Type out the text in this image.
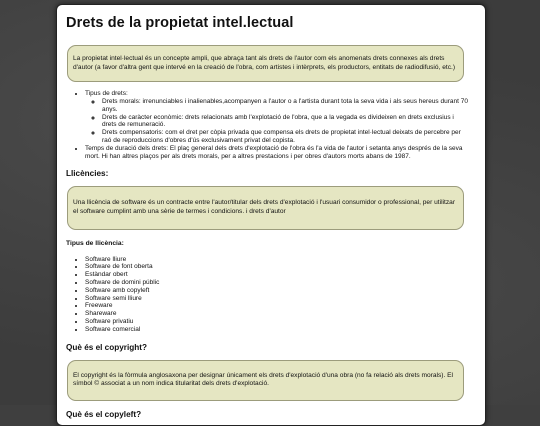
Drets de la propietat intel.lectual
La propietat intel·lectual és un concepte ampli, que abraça tant als drets de l'autor com els anomenats drets connexes als drets d'autor (a favor d'altra gent que intervé en la creació de l'obra, com artistes i intèrprets, els productors, entitats de radiodifusió, etc.)
• Tipus de drets:
◦ Drets morals: irrenunciables i inalienables,acompanyen a l'autor o a l'artista durant tota la seva vida i als seus hereus durant 70 anys.
◦ Drets de caràcter econòmic: drets relacionats amb l'explotació de l'obra, que a la vegada es divideixen en drets exclusius i drets de remuneració.
◦ Drets compensatoris: com el dret per còpia privada que compensa els drets de propietat intel·lectual deixats de percebre per raó de reproduccions d'obres d'ús exclusivament privat del copista.
• Temps de duració dels drets: El plaç general dels drets d'explotació de l'obra és l'a vida de l'autor i setanta anys després de la seva mort. Hi han altres plaços per als drets morals, per a altres prestacions i per obres d'autors morts abans de 1987.
Llicències:
Una llicència de software és un contracte entre l'autor/titular dels drets d'explotació i l'usuari consumidor o professional, per utilitzar el software cumplint amb una sèrie de termes i condicions. i drets d'autor
Tipus de llicència:
• Software lliure
• Software de font oberta
• Estàndar obert
• Software de domini públic
• Software amb copyleft
• Software semi lliure
• Freeware
• Shareware
• Software privatiu
• Software comercial
Què és el copyright?
El copyright és la fòrmula anglosaxona per designar únicament els drets d'explotació d'una obra (no fa relació als drets morals). El símbol © associat a un nom indica titularitat dels drets d'explotació.
Què és el copyleft?
